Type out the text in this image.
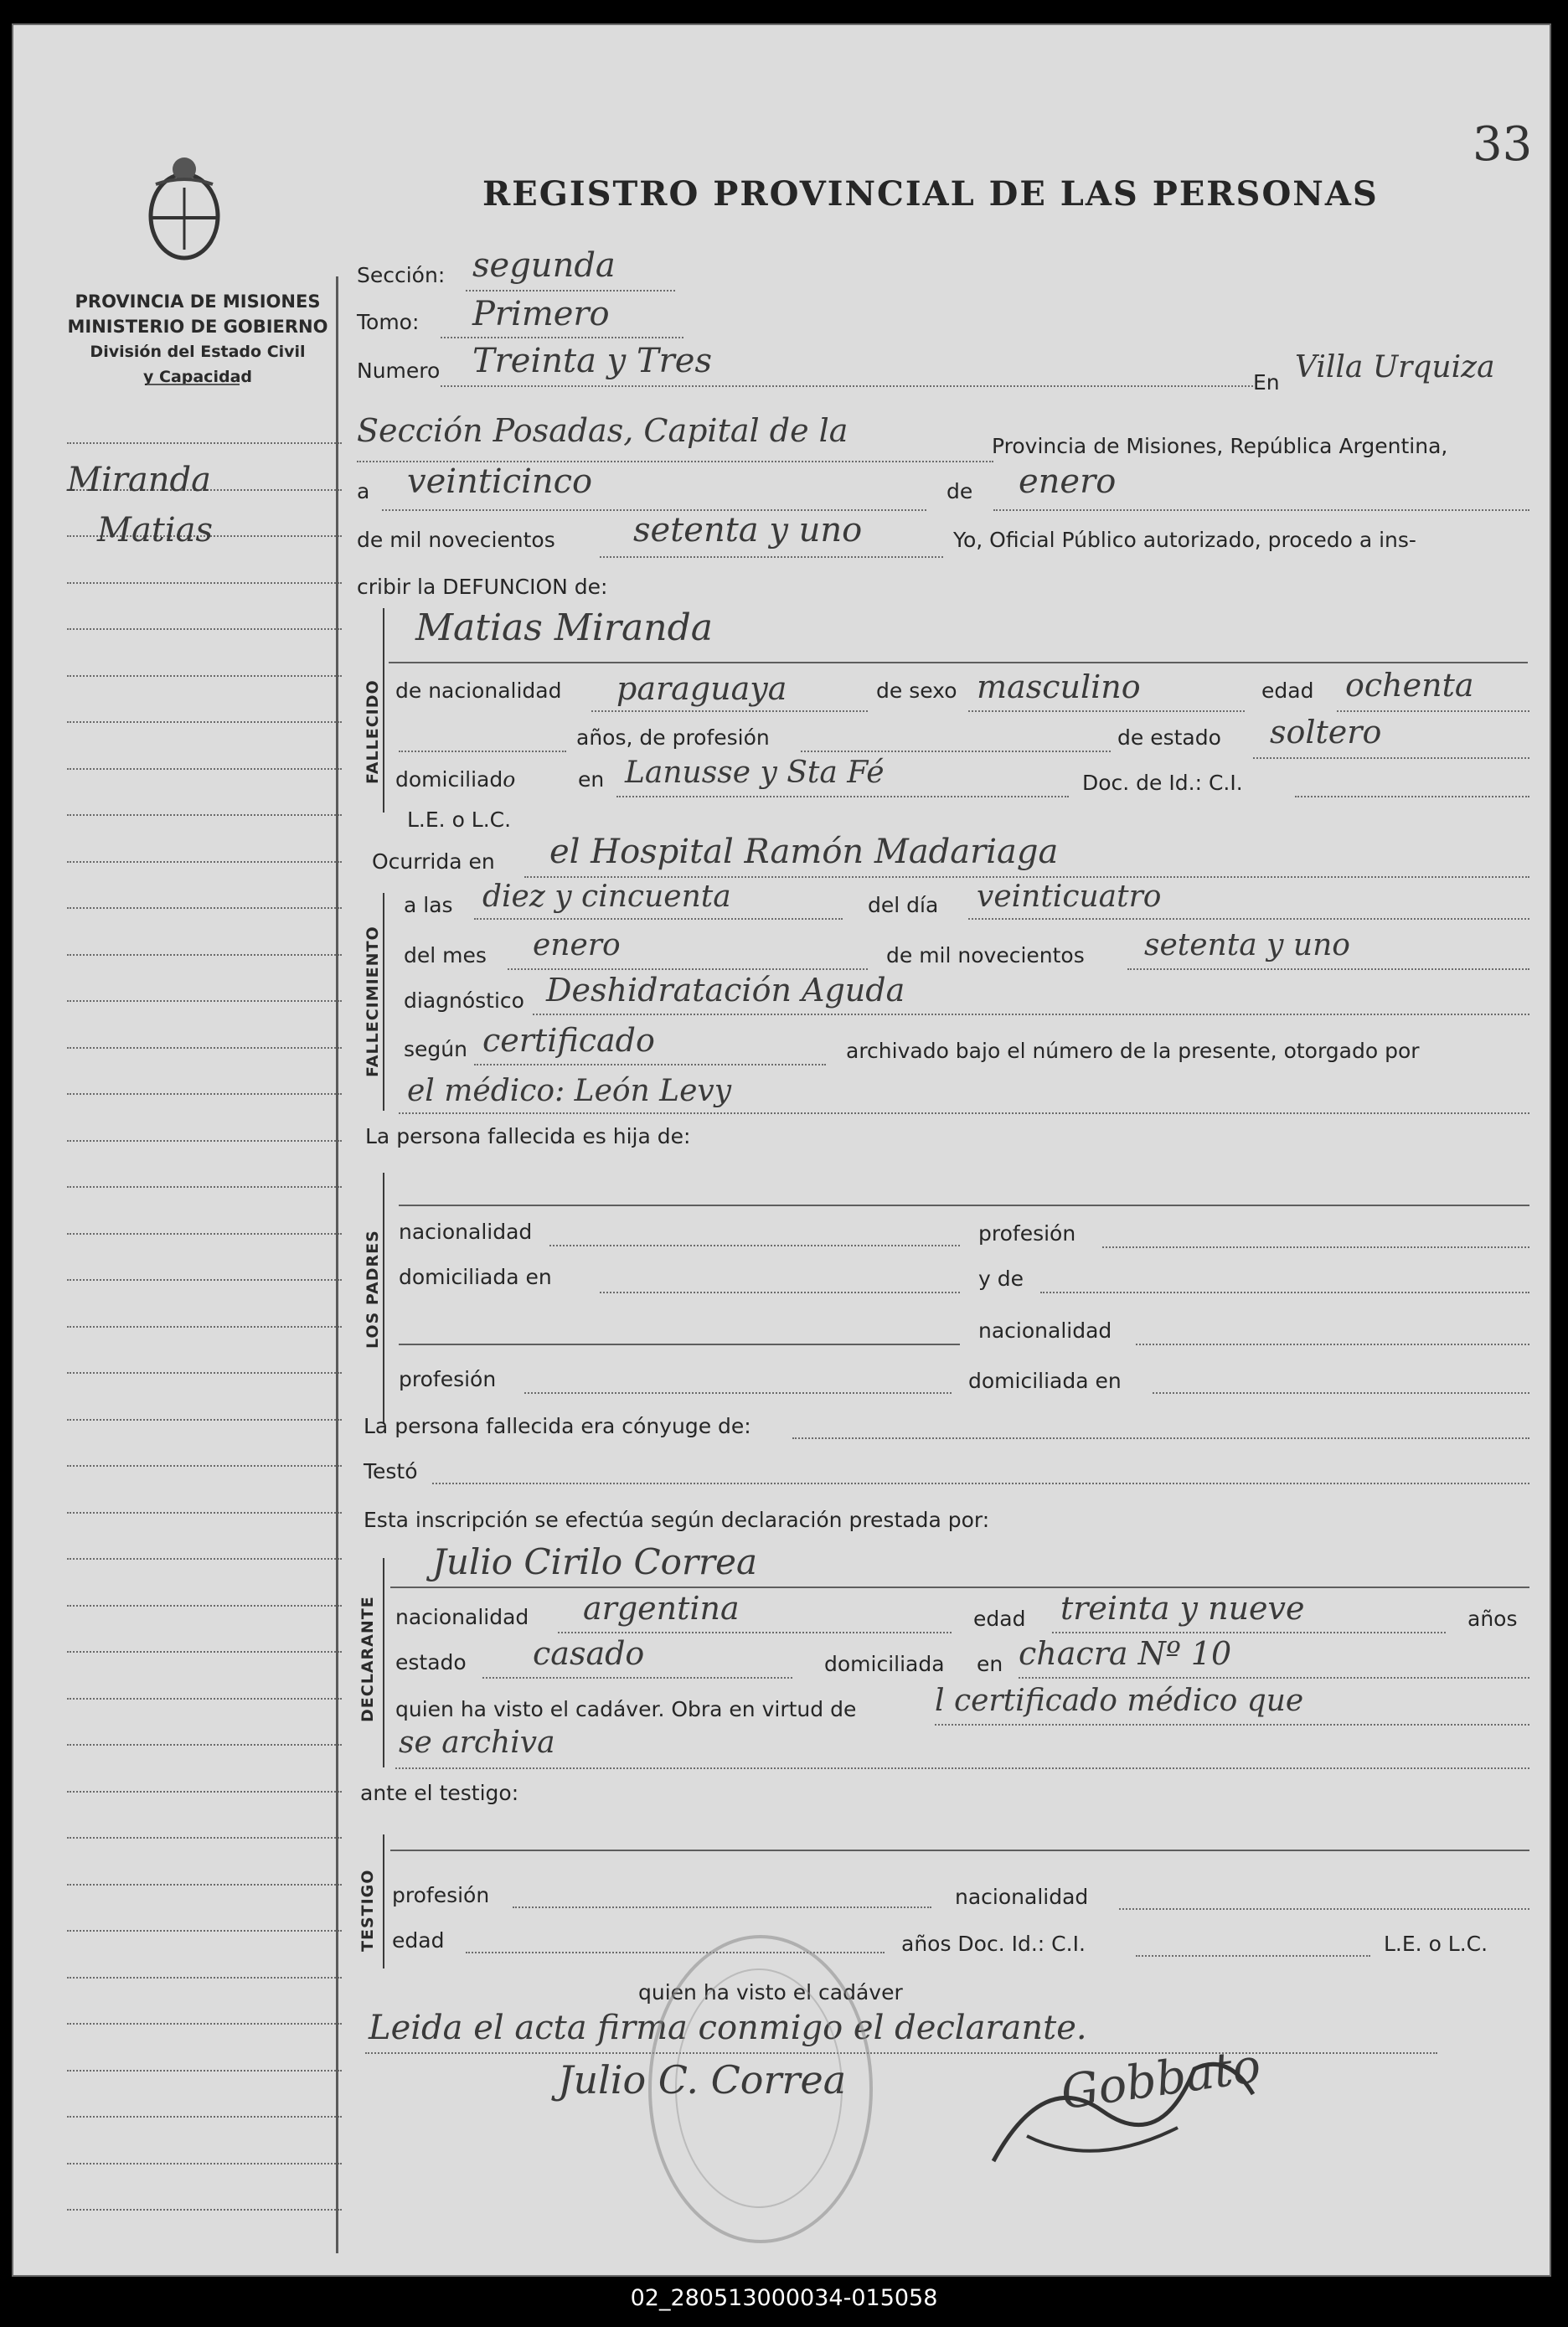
33
REGISTRO PROVINCIAL DE LAS PERSONAS
PROVINCIA DE MISIONES
MINISTERIO DE GOBIERNO
División del Estado Civil
y Capacidad
Miranda
Matias
Sección: segunda
Tomo: Primero
Numero Treinta y Tres
En Villa Urquiza
Sección Posadas, Capital de la	Provincia de Misiones, República Argentina,
a veinticinco	de enero
de mil novecientos setenta y uno	Yo, Oficial Público autorizado, procedo a ins-
cribir la DEFUNCION de:
FALLECIDO
Matias Miranda
de nacionalidad paraguaya	de sexo masculino	edad ochenta
años, de profesión	de estado soltero
domiciliado	en Lanusse y Sta Fé	Doc. de Id.: C.I.
L.E. o L.C.
Ocurrida en el Hospital Ramón Madariaga
FALLECIMIENTO
a las diez y cincuenta	del día veinticuatro
del mes enero	de mil novecientos setenta y uno
diagnóstico Deshidratación Aguda
según certificado	archivado bajo el número de la presente, otorgado por
el médico: León Levy
La persona fallecida es hija de:
LOS PADRES nacionalidad	profesión
domiciliada en	y de
nacionalidad
profesión	domiciliada en
La persona fallecida era cónyuge de:
Testó
Esta inscripción se efectúa según declaración prestada por:
DECLARANTE
Julio Cirilo Correa
nacionalidad argentina	edad treinta y nueve	años
estado casado	domiciliada en chacra Nº 10
quien ha visto el cadáver. Obra en virtud de	l certificado médico que
se archiva
ante el testigo:
TESTIGO profesión	nacionalidad
edad	años Doc. Id.: C.I.	L.E. o L.C.
quien ha visto el cadáver
Leida el acta firma conmigo el declarante.
Julio C. Correa	Gobbato
02_280513000034-015058
